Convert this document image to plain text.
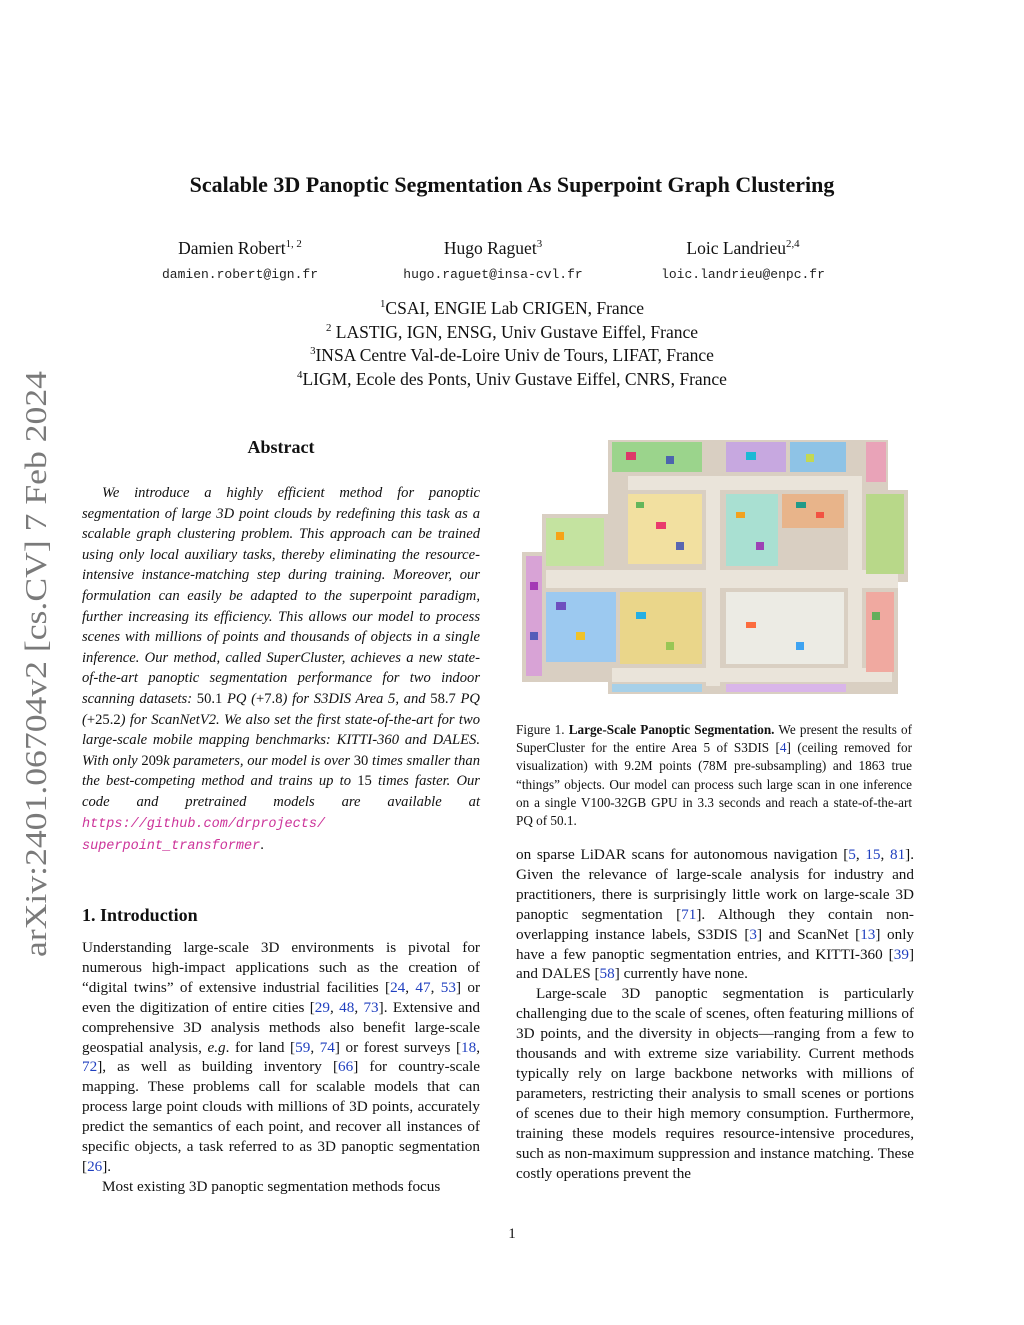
arXiv:2401.06704v2 [cs.CV] 7 Feb 2024
Scalable 3D Panoptic Segmentation As Superpoint Graph Clustering
Damien Robert$^{1, 2}$
damien.robert@ign.fr
Hugo Raguet$^3$
hugo.raguet@insa-cvl.fr
Loic Landrieu$^{2,4}$
loic.landrieu@enpc.fr
$^1$CSAI, ENGIE Lab CRIGEN, France
$^2$ LASTIG, IGN, ENSG, Univ Gustave Eiffel, France
$^3$INSA Centre Val-de-Loire Univ de Tours, LIFAT, France
$^4$LIGM, Ecole des Ponts, Univ Gustave Eiffel, CNRS, France
Abstract

We introduce a highly efficient method for panoptic segmentation of large 3D point clouds by redefining this task as a scalable graph clustering problem. This approach can be trained using only local auxiliary tasks, thereby eliminating the resource-intensive instance-matching step during training. Moreover, our formulation can easily be adapted to the superpoint paradigm, further increasing its efficiency. This allows our model to process scenes with millions of points and thousands of objects in a single inference. Our method, called SuperCluster, achieves a new state-of-the-art panoptic segmentation performance for two indoor scanning datasets: 50.1 PQ (+7.8) for S3DIS Area 5, and 58.7 PQ (+25.2) for ScanNetV2. We also set the first state-of-the-art for two large-scale mobile mapping benchmarks: KITTI-360 and DALES. With only 209k parameters, our model is over 30 times smaller than the best-competing method and trains up to 15 times faster. Our code and pretrained models are available at https://github.com/drprojects/ superpoint_transformer.

1. Introduction

Understanding large-scale 3D environments is pivotal for numerous high-impact applications such as the creation of “digital twins” of extensive industrial facilities [24, 47, 53] or even the digitization of entire cities [29, 48, 73]. Extensive and comprehensive 3D analysis methods also benefit large-scale geospatial analysis, e.g. for land [59, 74] or forest surveys [18, 72], as well as building inventory [66] for country-scale mapping. These problems call for scalable models that can process large point clouds with millions of 3D points, accurately predict the semantics of each point, and recover all instances of specific objects, a task referred to as 3D panoptic segmentation [26].

Most existing 3D panoptic segmentation methods focus

Figure 1. Large-Scale Panoptic Segmentation. We present the results of SuperCluster for the entire Area 5 of S3DIS [4] (ceiling removed for visualization) with 9.2M points (78M pre-subsampling) and 1863 true “things” objects. Our model can process such large scan in one inference on a single V100-32GB GPU in 3.3 seconds and reach a state-of-the-art PQ of 50.1.

on sparse LiDAR scans for autonomous navigation [5, 15, 81]. Given the relevance of large-scale analysis for industry and practitioners, there is surprisingly little work on large-scale 3D panoptic segmentation [71]. Although they contain non-overlapping instance labels, S3DIS [3] and ScanNet [13] only have a few panoptic segmentation entries, and KITTI-360 [39] and DALES [58] currently have none.

Large-scale 3D panoptic segmentation is particularly challenging due to the scale of scenes, often featuring millions of 3D points, and the diversity in objects—ranging from a few to thousands and with extreme size variability. Current methods typically rely on large backbone networks with millions of parameters, restricting their analysis to small scenes or portions of scenes due to their high memory consumption. Furthermore, training these models requires resource-intensive procedures, such as non-maximum suppression and instance matching. These costly operations prevent the

1
